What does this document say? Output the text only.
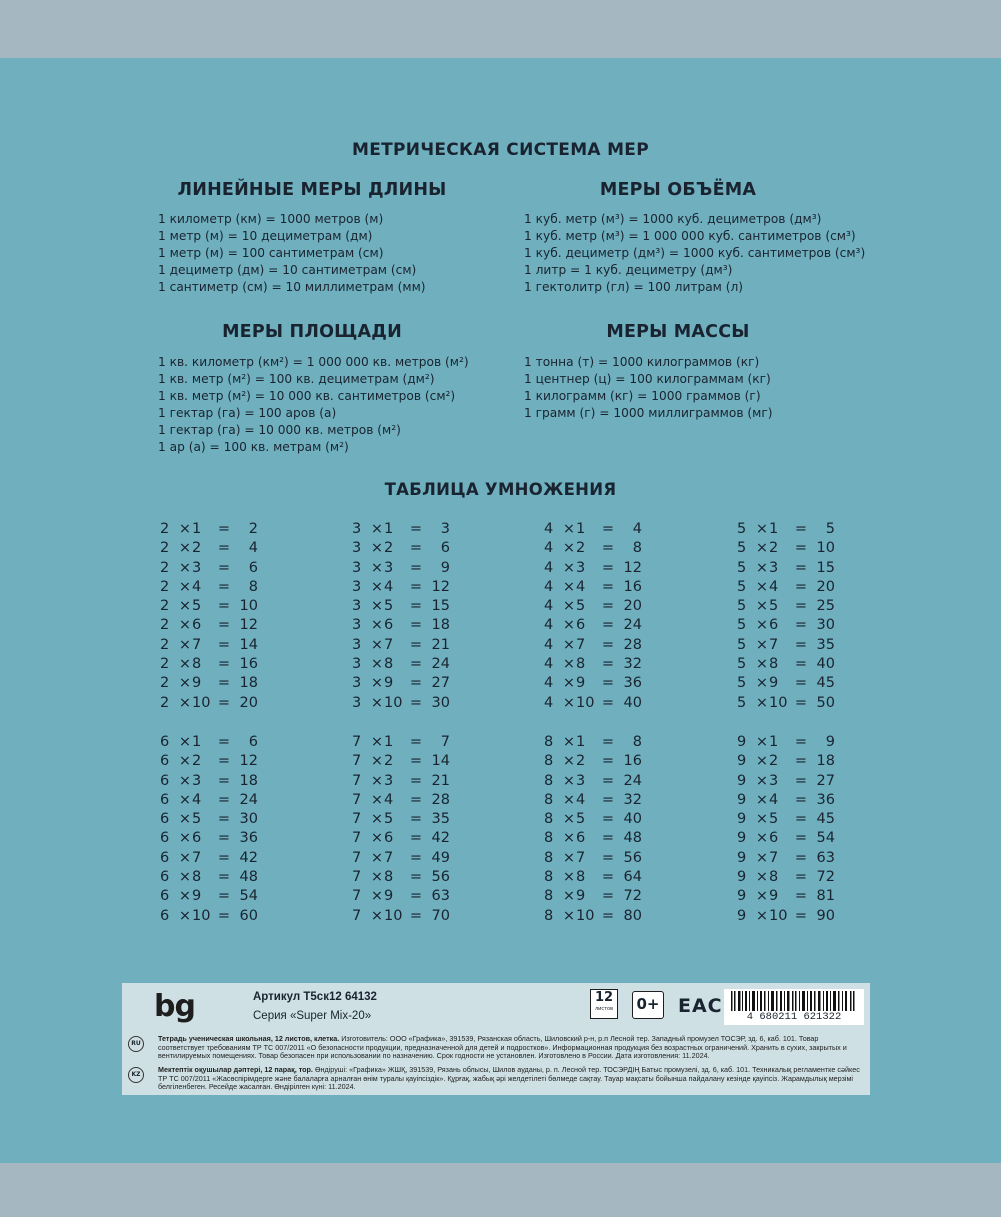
МЕТРИЧЕСКАЯ СИСТЕМА МЕР
ЛИНЕЙНЫЕ МЕРЫ ДЛИНЫ
1 километр (км) = 1000 метров (м)
1 метр (м) = 10 дециметрам (дм)
1 метр (м) = 100 сантиметрам (см)
1 дециметр (дм) = 10 сантиметрам (см)
1 сантиметр (см) = 10 миллиметрам (мм)
МЕРЫ ОБЪЁМА
1 куб. метр (м³) = 1000 куб. дециметров (дм³)
1 куб. метр (м³) = 1 000 000 куб. сантиметров (см³)
1 куб. дециметр (дм³) = 1000 куб. сантиметров (см³)
1 литр = 1 куб. дециметру (дм³)
1 гектолитр (гл) = 100 литрам (л)
МЕРЫ ПЛОЩАДИ
1 кв. километр (км²) = 1 000 000 кв. метров (м²)
1 кв. метр (м²) = 100 кв. дециметрам (дм²)
1 кв. метр (м²) = 10 000 кв. сантиметров (см²)
1 гектар (га) = 100 аров (а)
1 гектар (га) = 10 000 кв. метров (м²)
1 ар (а) = 100 кв. метрам (м²)
МЕРЫ МАССЫ
1 тонна (т) = 1000 килограммов (кг)
1 центнер (ц) = 100 килограммам (кг)
1 килограмм (кг) = 1000 граммов (г)
1 грамм (г) = 1000 миллиграммов (мг)
ТАБЛИЦА УМНОЖЕНИЯ
2 × 1	=	2
2 × 2	=	4
2 × 3	=	6
2 × 4	=	8
2 × 5	= 10
2 × 6	= 12
2 × 7	= 14
2 × 8	= 16
2 × 9	= 18
2 × 10 = 20
3 × 1	=	3
3 × 2	=	6
3 × 3	=	9
3 × 4	= 12
3 × 5	= 15
3 × 6	= 18
3 × 7	= 21
3 × 8	= 24
3 × 9	= 27
3 × 10 = 30
4 × 1	=	4
4 × 2	=	8
4 × 3	= 12
4 × 4	= 16
4 × 5	= 20
4 × 6	= 24
4 × 7	= 28
4 × 8	= 32
4 × 9	= 36
4 × 10 = 40
5 × 1	=	5
5 × 2	= 10
5 × 3	= 15
5 × 4	= 20
5 × 5	= 25
5 × 6	= 30
5 × 7	= 35
5 × 8	= 40
5 × 9	= 45
5 × 10 = 50
6 × 1	=	6
6 × 2	= 12
6 × 3	= 18
6 × 4	= 24
6 × 5	= 30
6 × 6	= 36
6 × 7	= 42
6 × 8	= 48
6 × 9	= 54
6 × 10 = 60
7 × 1	=	7
7 × 2	= 14
7 × 3	= 21
7 × 4	= 28
7 × 5	= 35
7 × 6	= 42
7 × 7	= 49
7 × 8	= 56
7 × 9	= 63
7 × 10 = 70
8 × 1	=	8
8 × 2	= 16
8 × 3	= 24
8 × 4	= 32
8 × 5	= 40
8 × 6	= 48
8 × 7	= 56
8 × 8	= 64
8 × 9	= 72
8 × 10 = 80
9 × 1	=	9
9 × 2	= 18
9 × 3	= 27
9 × 4	= 36
9 × 5	= 45
9 × 6	= 54
9 × 7	= 63
9 × 8	= 72
9 × 9	= 81
9 × 10 = 90
bg	Артикул Т5ск12 64132
Серия «Super Mix-20»
12
листов 0+ EAC	4 680211 621322
RU
Тетрадь ученическая школьная, 12 листов, клетка. Изготовитель: ООО «Графика», 391539, Рязанская область, Шиловский р-н, р.п Лесной тер. Западный промузел ТОСЭР, зд. 6, каб. 101. Товар соответствует требованиям ТР ТС 007/2011 «О безопасности продукции, предназначенной для детей и подростков». Информационная продукция без возрастных ограничений. Хранить в сухих, закрытых и вентилируемых помещениях. Товар безопасен при использовании по назначению. Срок годности не установлен. Изготовлено в России. Дата изготовления: 11.2024.
KZ
Мектептік оқушылар дәптері, 12 парақ, тор. Өндіруші: «Графика» ЖШҚ, 391539, Рязань облысы, Шилов ауданы, р. п. Лесной тер. ТОСЭРДІҢ Батыс промузелі, зд. 6, каб. 101. Техникалық регламентке сәйкес ТР ТС 007/2011 «Жасөспірімдерге және балаларға арналған өнім туралы қауіпсіздік». Құрғақ, жабық әрі желдетілеті бөлмеде сақтау. Тауар мақсаты бойынша пайдалану кезінде қауіпсіз. Жарамдылық мерзімі белгіленбеген. Ресейде жасалған. Өндірілген күні: 11.2024.
